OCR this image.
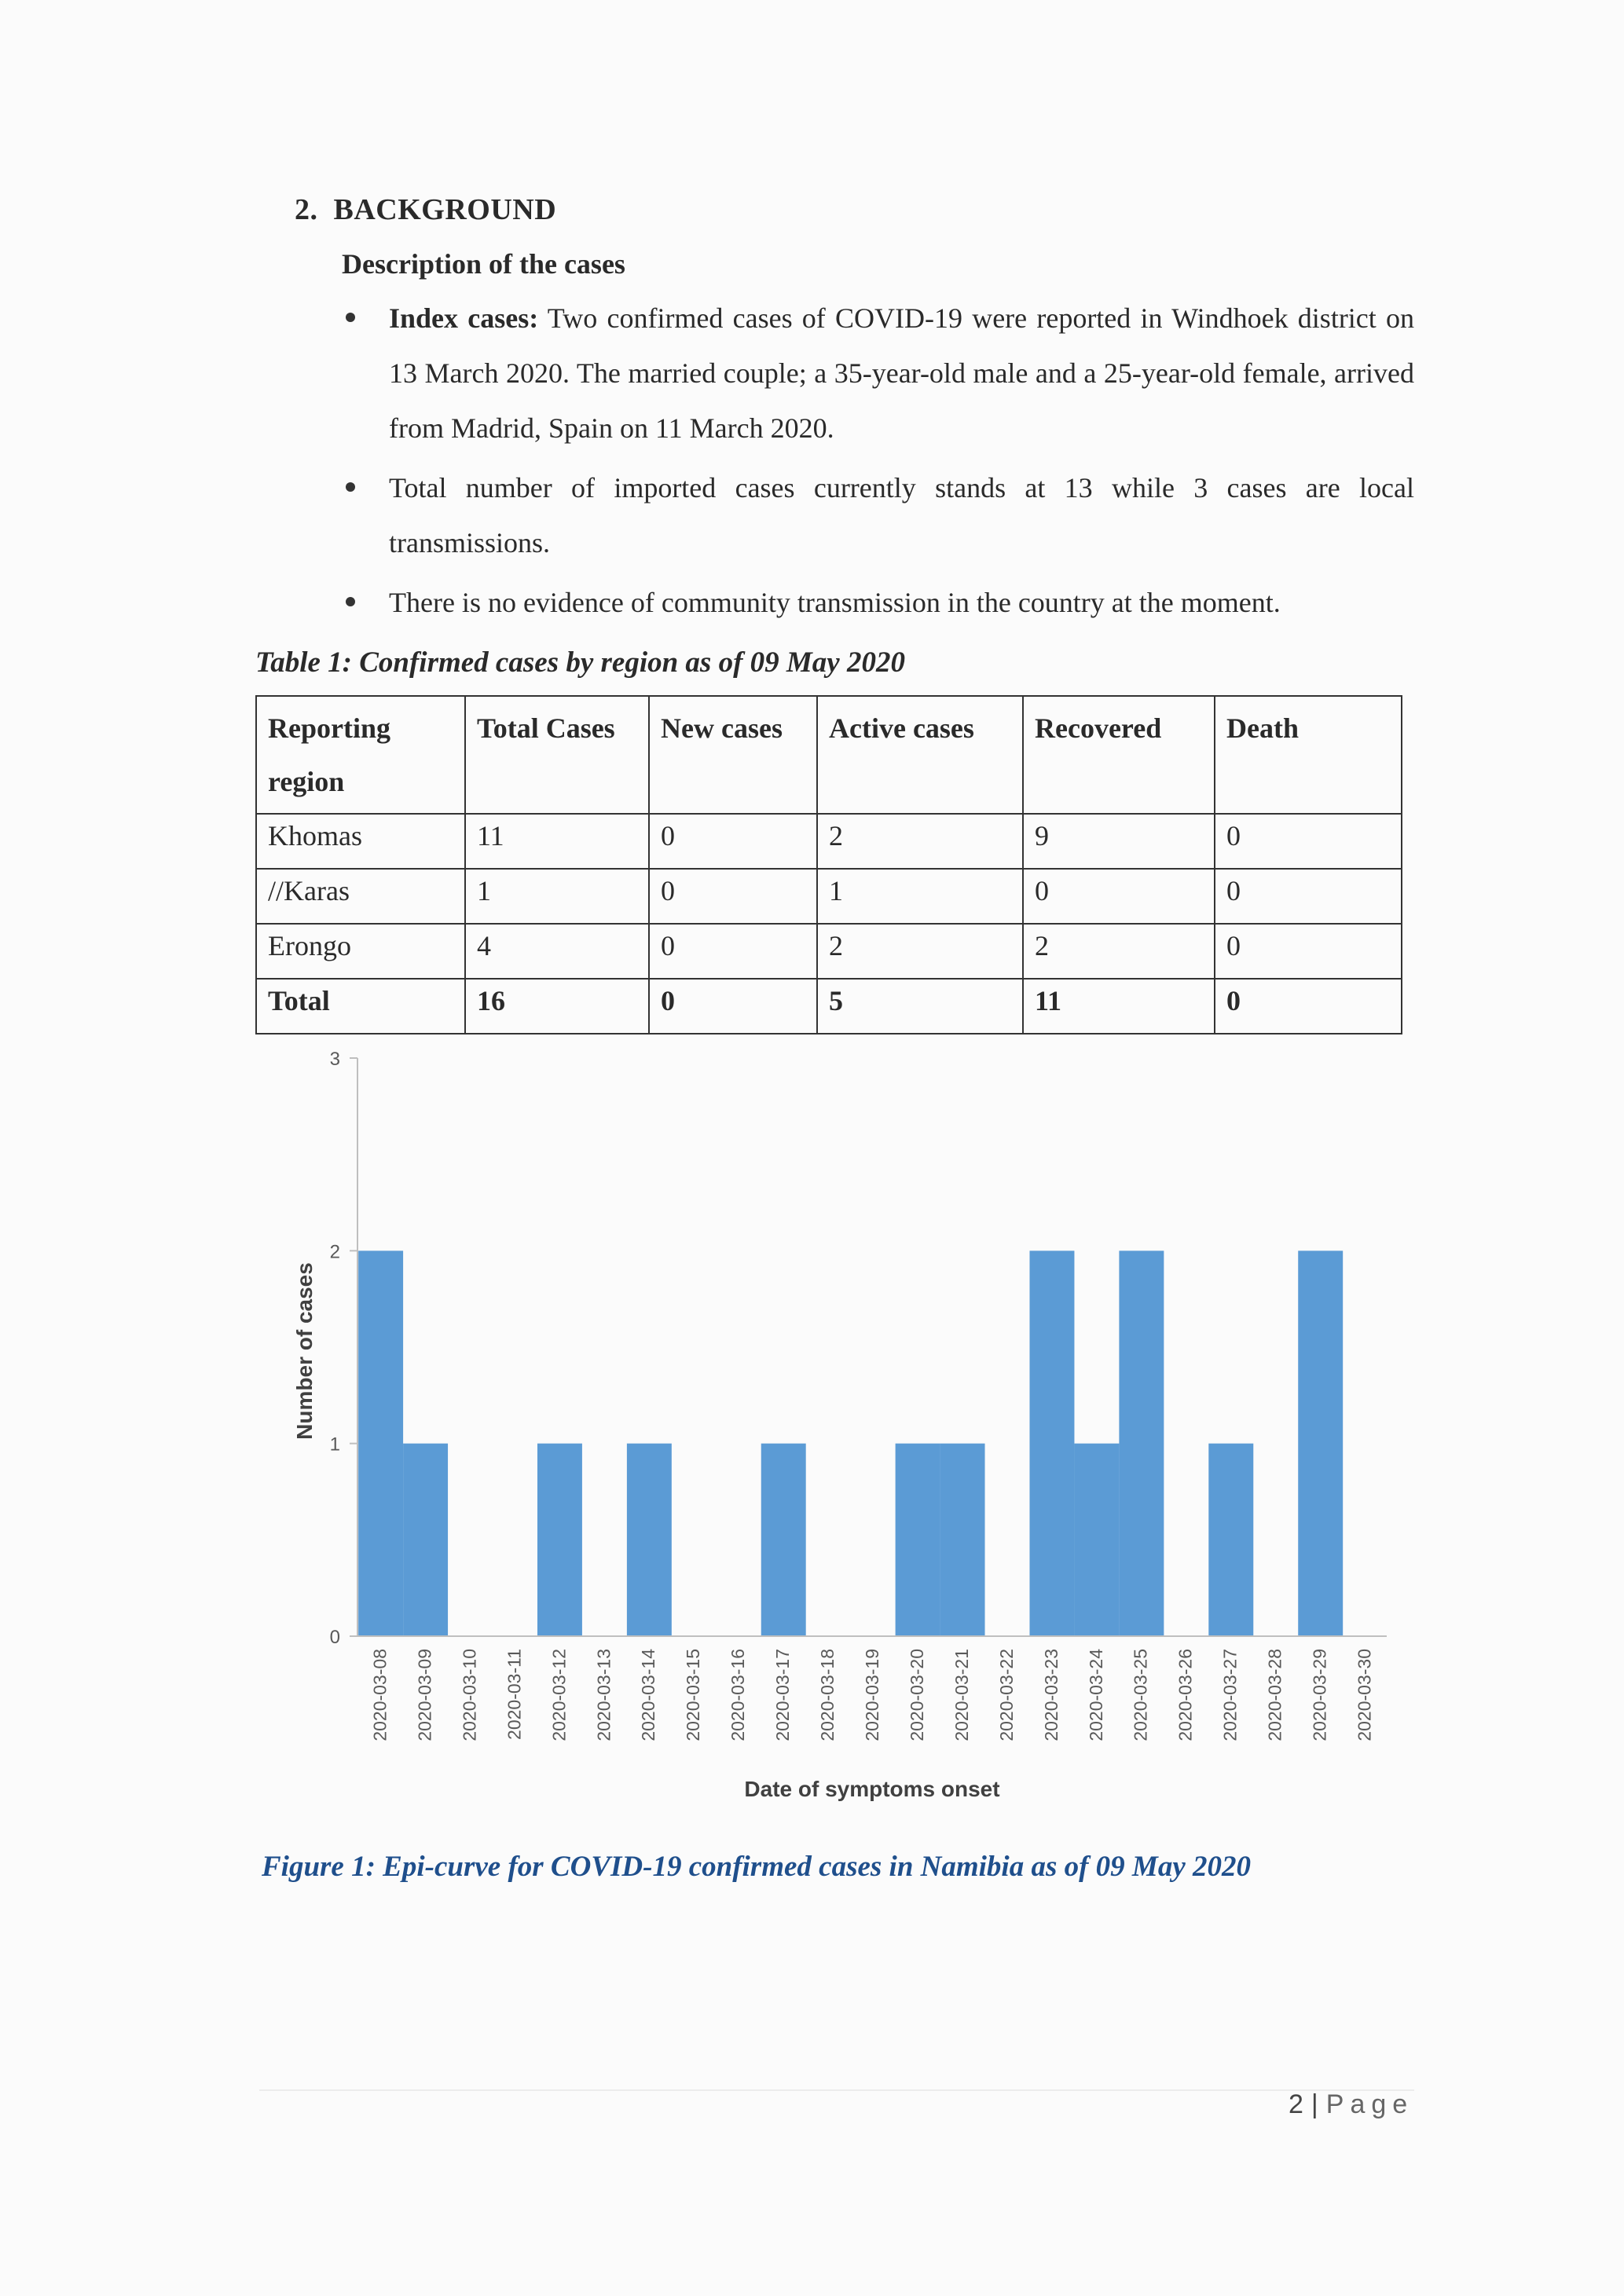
2. BACKGROUND
Description of the cases
Index cases: Two confirmed cases of COVID-19 were reported in Windhoek district on 13 March 2020. The married couple; a 35-year-old male and a 25-year-old female, arrived from Madrid, Spain on 11 March 2020.
Total number of imported cases currently stands at 13 while 3 cases are local transmissions.
There is no evidence of community transmission in the country at the moment.
Table 1: Confirmed cases by region as of 09 May 2020
Reporting region	Total Cases	New cases	Active cases	Recovered	Death
Khomas	11	0	2	9	0
//Karas	1	0	1	0	0
Erongo	4	0	2	2	0
Total	16	0	5	11	0
0
1
2
3
2020-03-08 2020-03-09 2020-03-10 2020-03-11 2020-03-12 2020-03-13 2020-03-14 2020-03-15 2020-03-16 2020-03-17 2020-03-18 2020-03-19 2020-03-20 2020-03-21 2020-03-22 2020-03-23 2020-03-24 2020-03-25 2020-03-26 2020-03-27 2020-03-28 2020-03-29 2020-03-30
Number of cases
Date of symptoms onset
Figure 1: Epi-curve for COVID-19 confirmed cases in Namibia as of 09 May 2020
2 | Page
